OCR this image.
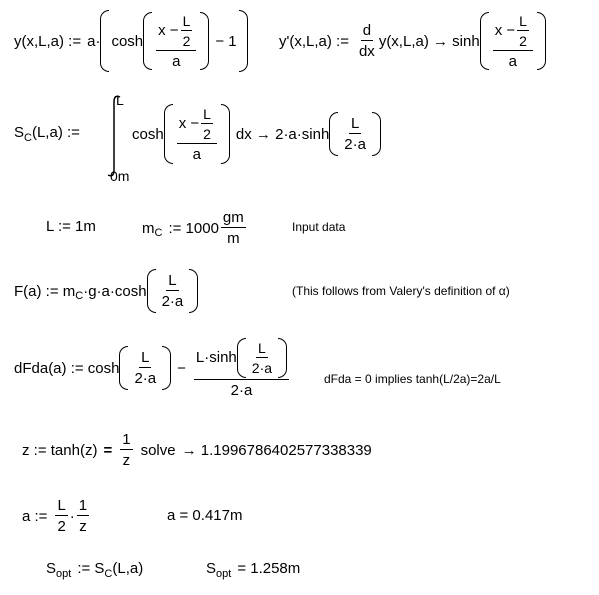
y(x,L,a) := $a\cdot \cosh \frac{x - \frac{L}{2}}{a} - 1$	y'(x,L,a) := $\frac{d}{dx} y(x,L,a) \to \sinh \frac{x - \frac{L}{2}}{a}$
S C (L,a) :=
L
0m
$\cosh \frac{x - \frac{L}{2}}{a}$ dx → $2\cdot a\cdot\sinh \frac{L}{2\cdot a}$
L := 1m	m C := $1000 \frac{gm}{m}$	Input data
F(a) := m $C \cdot g\cdot a\cdot\cosh \frac{L}{2\cdot a}$	(This follows from Valery's definition of α)
dFda(a) := $\cosh \frac{L}{2\cdot a} - \frac{L\cdot\sinh \frac{L}{2\cdot a}}{2\cdot a}$	dFda = 0 implies tanh(L/2a)=2a/L
z := $\tanh(z) = \frac{1}{z}$ solve → 1.1996786402577338339
a := $\frac{L}{2} \cdot \frac{1}{z}$	a = 0.417m
S opt := S C (L,a)	S opt = 1.258m
